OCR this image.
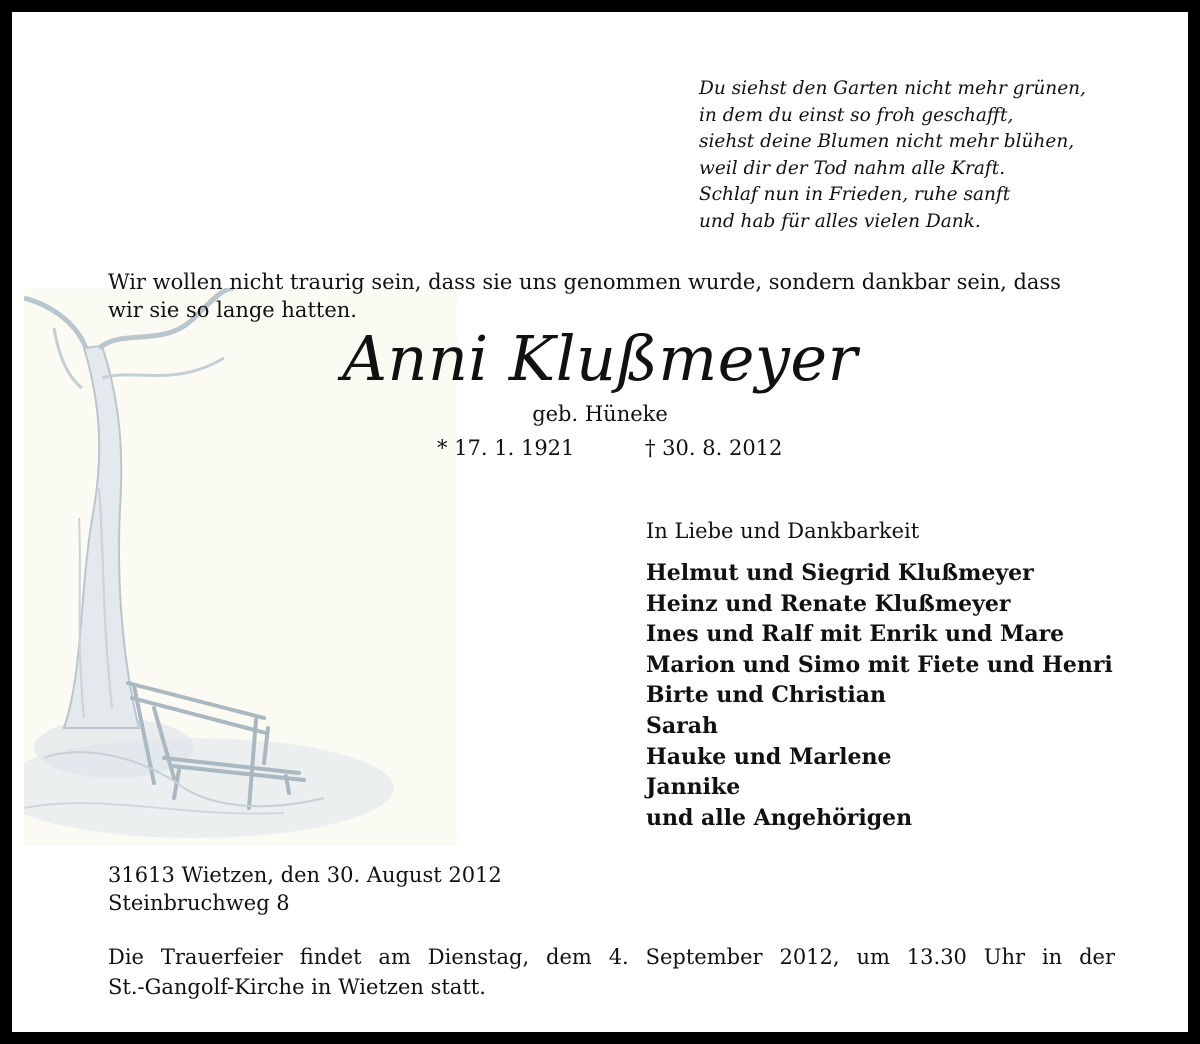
Du siehst den Garten nicht mehr grünen,
in dem du einst so froh geschafft,
siehst deine Blumen nicht mehr blühen,
weil dir der Tod nahm alle Kraft.
Schlaf nun in Frieden, ruhe sanft
und hab für alles vielen Dank.
Wir wollen nicht traurig sein, dass sie uns genommen wurde, sondern dankbar sein, dass
wir sie so lange hatten.
Anni Klußmeyer
geb. Hüneke
* 17. 1. 1921	† 30. 8. 2012
In Liebe und Dankbarkeit
Helmut und Siegrid Klußmeyer
Heinz und Renate Klußmeyer
Ines und Ralf mit Enrik und Mare
Marion und Simo mit Fiete und Henri
Birte und Christian
Sarah
Hauke und Marlene
Jannike
und alle Angehörigen
31613 Wietzen, den 30. August 2012
Steinbruchweg 8
Die Trauerfeier findet am Dienstag, dem 4. September 2012, um 13.30 Uhr in der
St.-Gangolf-Kirche in Wietzen statt.
